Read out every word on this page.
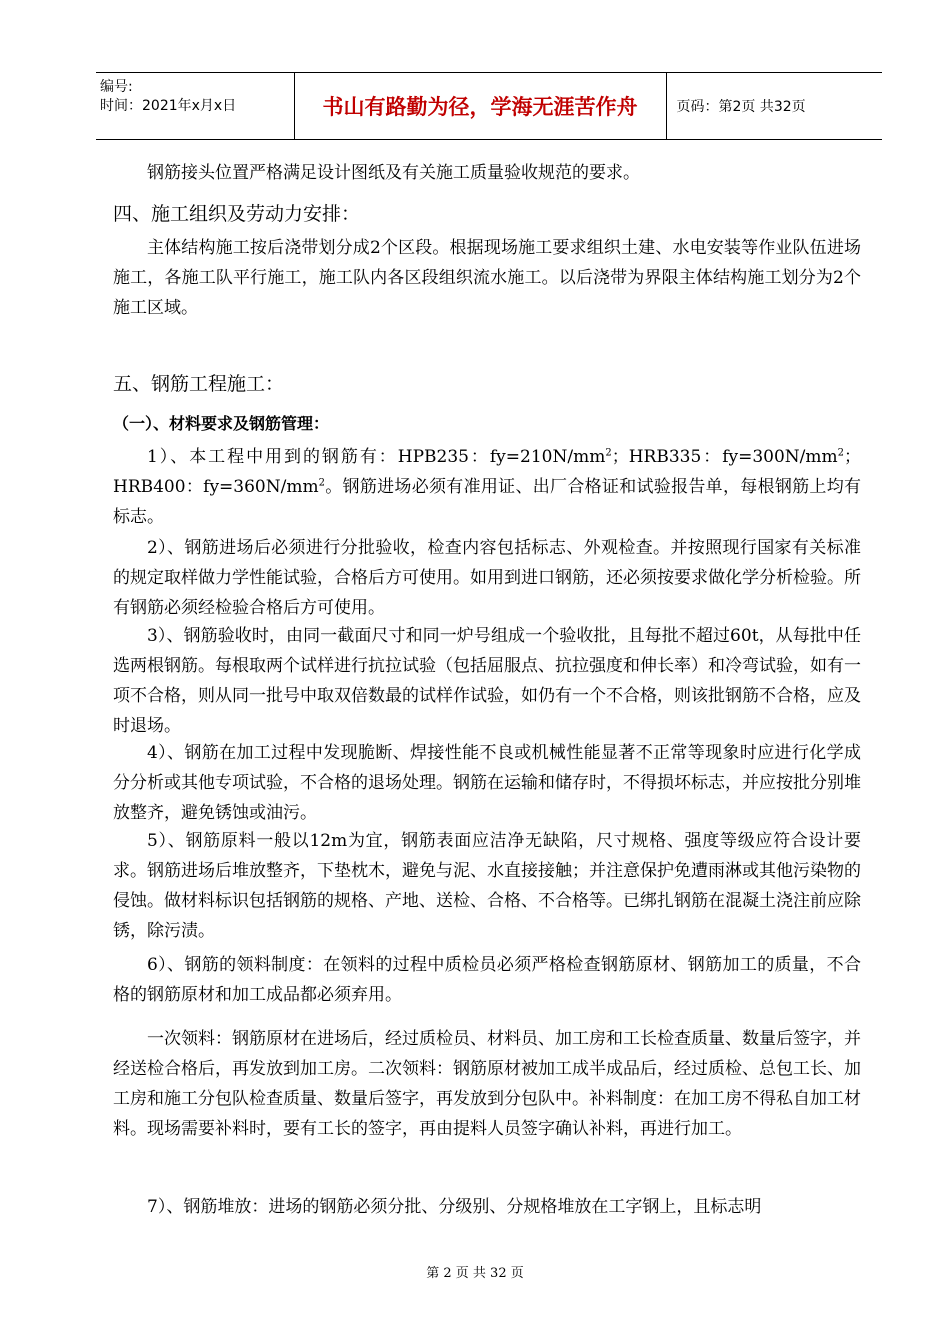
编号:
时间：2021年x月x日	书山有路勤为径，学海无涯苦作舟	页码：第2页 共32页

钢筋接头位置严格满足设计图纸及有关施工质量验收规范的要求。

四、施工组织及劳动力安排：

主体结构施工按后浇带划分成2个区段。根据现场施工要求组织土建、水电安装等作业队伍进场施工，各施工队平行施工，施工队内各区段组织流水施工。以后浇带为界限主体结构施工划分为2个施工区域。

五、钢筋工程施工：

（一）、材料要求及钢筋管理：

1）、本工程中用到的钢筋有：HPB235：$fy=210N/mm^2$；HRB335：$fy=300N/mm^2$；HRB400：$fy=360N/mm^2$。钢筋进场必须有准用证、出厂合格证和试验报告单，每根钢筋上均有标志。

2）、钢筋进场后必须进行分批验收，检查内容包括标志、外观检查。并按照现行国家有关标准的规定取样做力学性能试验，合格后方可使用。如用到进口钢筋，还必须按要求做化学分析检验。所有钢筋必须经检验合格后方可使用。

3）、钢筋验收时，由同一截面尺寸和同一炉号组成一个验收批，且每批不超过60t，从每批中任选两根钢筋。每根取两个试样进行抗拉试验（包括屈服点、抗拉强度和伸长率）和冷弯试验，如有一项不合格，则从同一批号中取双倍数最的试样作试验，如仍有一个不合格，则该批钢筋不合格，应及时退场。

4）、钢筋在加工过程中发现脆断、焊接性能不良或机械性能显著不正常等现象时应进行化学成分分析或其他专项试验，不合格的退场处理。钢筋在运输和储存时，不得损坏标志，并应按批分别堆放整齐，避免锈蚀或油污。

5）、钢筋原料一般以12m为宜，钢筋表面应洁净无缺陷，尺寸规格、强度等级应符合设计要求。钢筋进场后堆放整齐，下垫枕木，避免与泥、水直接接触；并注意保护免遭雨淋或其他污染物的侵蚀。做材料标识包括钢筋的规格、产地、送检、合格、不合格等。已绑扎钢筋在混凝土浇注前应除锈，除污渍。

6）、钢筋的领料制度：在领料的过程中质检员必须严格检查钢筋原材、钢筋加工的质量，不合格的钢筋原材和加工成品都必须弃用。

一次领料：钢筋原材在进场后，经过质检员、材料员、加工房和工长检查质量、数量后签字，并经送检合格后，再发放到加工房。二次领料：钢筋原材被加工成半成品后，经过质检、总包工长、加工房和施工分包队检查质量、数量后签字，再发放到分包队中。补料制度：在加工房不得私自加工材料。现场需要补料时，要有工长的签字，再由提料人员签字确认补料，再进行加工。

7）、钢筋堆放：进场的钢筋必须分批、分级别、分规格堆放在工字钢上，且标志明

第 2 页 共 32 页
